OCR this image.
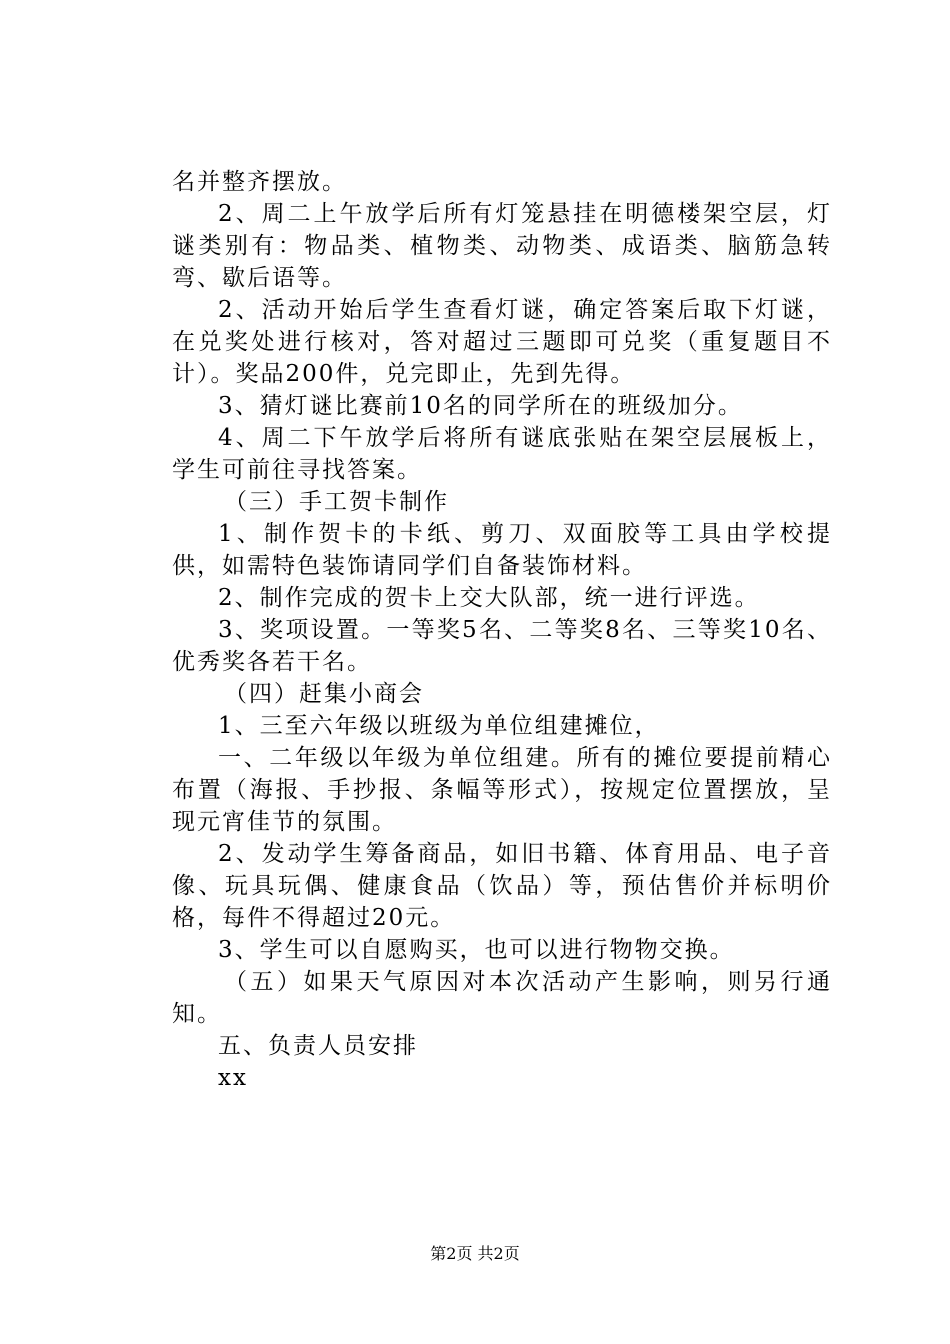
名并整齐摆放。

2、周二上午放学后所有灯笼悬挂在明德楼架空层，灯谜类别有：物品类、植物类、动物类、成语类、脑筋急转弯、歇后语等。

2、活动开始后学生查看灯谜，确定答案后取下灯谜，在兑奖处进行核对，答对超过三题即可兑奖（重复题目不计）。奖品200件，兑完即止，先到先得。

3、猜灯谜比赛前10名的同学所在的班级加分。

4、周二下午放学后将所有谜底张贴在架空层展板上，学生可前往寻找答案。

（三）手工贺卡制作

1、制作贺卡的卡纸、剪刀、双面胶等工具由学校提供，如需特色装饰请同学们自备装饰材料。

2、制作完成的贺卡上交大队部，统一进行评选。

3、奖项设置。一等奖5名、二等奖8名、三等奖10名、优秀奖各若干名。

（四）赶集小商会

1、三至六年级以班级为单位组建摊位，

一、二年级以年级为单位组建。所有的摊位要提前精心布置（海报、手抄报、条幅等形式），按规定位置摆放，呈现元宵佳节的氛围。

2、发动学生筹备商品，如旧书籍、体育用品、电子音像、玩具玩偶、健康食品（饮品）等，预估售价并标明价格，每件不得超过20元。

3、学生可以自愿购买，也可以进行物物交换。

（五）如果天气原因对本次活动产生影响，则另行通知。

五、负责人员安排

xx

第2页 共2页
